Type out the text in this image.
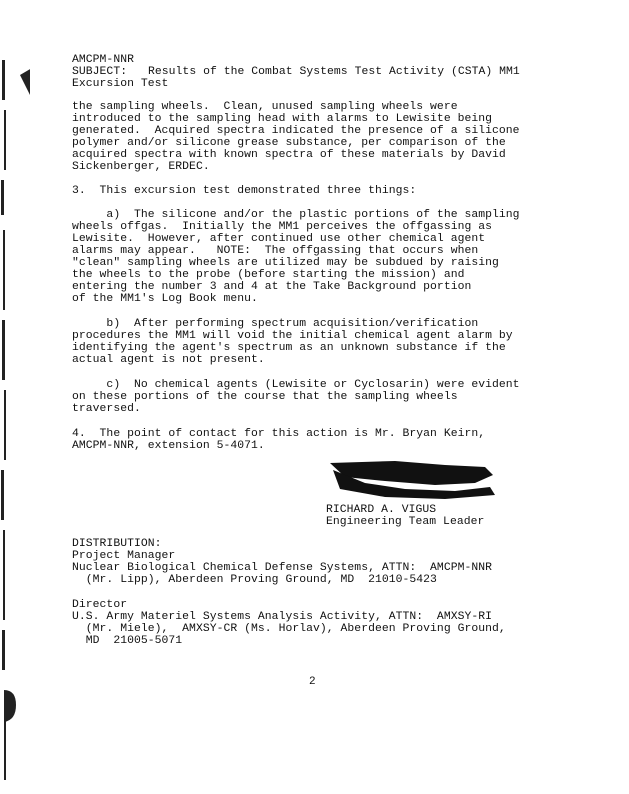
AMCPM-NNR
SUBJECT: Results of the Combat Systems Test Activity (CSTA) MM1
Excursion Test
the sampling wheels.  Clean, unused sampling wheels were
introduced to the sampling head with alarms to Lewisite being
generated.  Acquired spectra indicated the presence of a silicone
polymer and/or silicone grease substance, per comparison of the
acquired spectra with known spectra of these materials by David
Sickenberger, ERDEC.
3.  This excursion test demonstrated three things:
a)  The silicone and/or the plastic portions of the sampling
wheels offgas.  Initially the MM1 perceives the offgassing as
Lewisite.  However, after continued use other chemical agent
alarms may appear.   NOTE:  The offgassing that occurs when
"clean" sampling wheels are utilized may be subdued by raising
the wheels to the probe (before starting the mission) and
entering the number 3 and 4 at the Take Background portion
of the MM1's Log Book menu.
b)  After performing spectrum acquisition/verification
procedures the MM1 will void the initial chemical agent alarm by
identifying the agent's spectrum as an unknown substance if the
actual agent is not present.
c)  No chemical agents (Lewisite or Cyclosarin) were evident
on these portions of the course that the sampling wheels
traversed.
4.  The point of contact for this action is Mr. Bryan Keirn,
AMCPM-NNR, extension 5-4071.
RICHARD A. VIGUS
Engineering Team Leader
DISTRIBUTION:
Project Manager
Nuclear Biological Chemical Defense Systems, ATTN:  AMCPM-NNR
(Mr. Lipp), Aberdeen Proving Ground, MD  21010-5423
Director
U.S. Army Materiel Systems Analysis Activity, ATTN:  AMXSY-RI
(Mr. Miele),  AMXSY-CR (Ms. Horlav), Aberdeen Proving Ground,
MD  21005-5071
2
